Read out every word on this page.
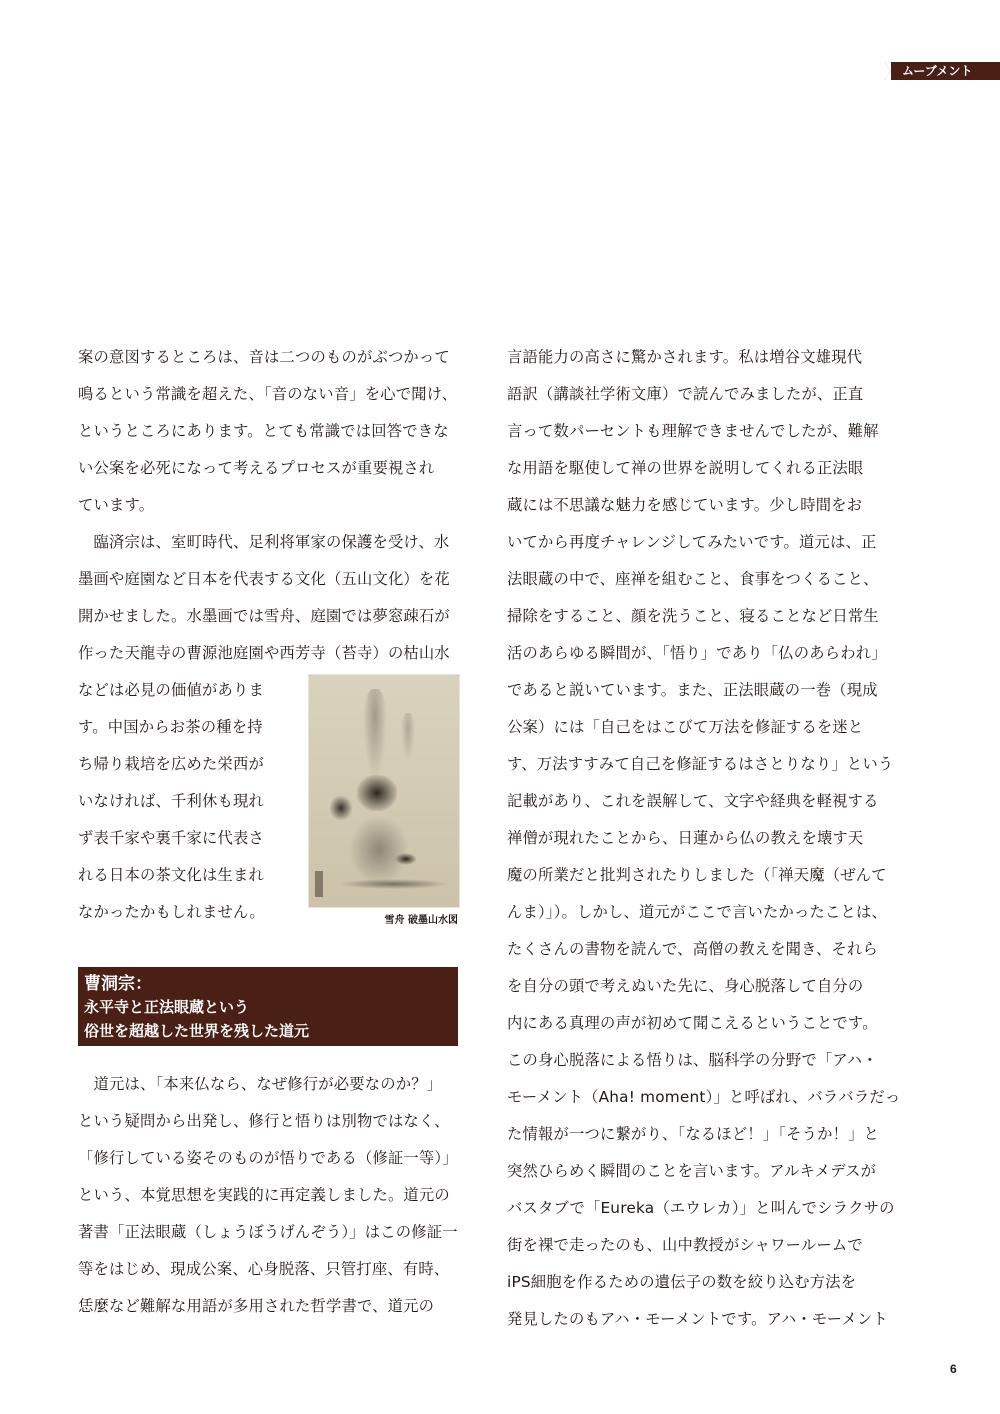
ムーブメント
案の意図するところは、音は二つのものがぶつかって
鳴るという常識を超えた、「音のない音」を心で聞け、
というところにあります。とても常識では回答できな
い公案を必死になって考えるプロセスが重要視され
ています。
　臨済宗は、室町時代、足利将軍家の保護を受け、水
墨画や庭園など日本を代表する文化（五山文化）を花
開かせました。水墨画では雪舟、庭園では夢窓疎石が
作った天龍寺の曹源池庭園や西芳寺（苔寺）の枯山水
などは必見の価値がありま
す。中国からお茶の種を持
ち帰り栽培を広めた栄西が
いなければ、千利休も現れ
ず表千家や裏千家に代表さ
れる日本の茶文化は生まれ
なかったかもしれません。	雪舟 破墨山水図
曹洞宗：
永平寺と正法眼蔵という
俗世を超越した世界を残した道元
　道元は、「本来仏なら、なぜ修行が必要なのか？」
という疑問から出発し、修行と悟りは別物ではなく、
「修行している姿そのものが悟りである（修証一等）」
という、本覚思想を実践的に再定義しました。道元の
著書「正法眼蔵（しょうぼうげんぞう）」はこの修証一
等をはじめ、現成公案、心身脱落、只管打座、有時、
恁麼など難解な用語が多用された哲学書で、道元の
言語能力の高さに驚かされます。私は増谷文雄現代
語訳（講談社学術文庫）で読んでみましたが、正直
言って数パーセントも理解できませんでしたが、難解
な用語を駆使して禅の世界を説明してくれる正法眼
蔵には不思議な魅力を感じています。少し時間をお
いてから再度チャレンジしてみたいです。道元は、正
法眼蔵の中で、座禅を組むこと、食事をつくること、
掃除をすること、顔を洗うこと、寝ることなど日常生
活のあらゆる瞬間が、「悟り」であり「仏のあらわれ」
であると説いています。また、正法眼蔵の一巻（現成
公案）には「自己をはこびて万法を修証するを迷と
す、万法すすみて自己を修証するはさとりなり」という
記載があり、これを誤解して、文字や経典を軽視する
禅僧が現れたことから、日蓮から仏の教えを壊す天
魔の所業だと批判されたりしました（「禅天魔（ぜんて
んま）」）。しかし、道元がここで言いたかったことは、
たくさんの書物を読んで、高僧の教えを聞き、それら
を自分の頭で考えぬいた先に、身心脱落して自分の
内にある真理の声が初めて聞こえるということです。
この身心脱落による悟りは、脳科学の分野で「アハ・
モーメント（Aha! moment）」と呼ばれ、バラバラだっ
た情報が一つに繋がり、「なるほど！」「そうか！」と
突然ひらめく瞬間のことを言います。アルキメデスが
バスタブで「Eureka（エウレカ）」と叫んでシラクサの
街を裸で走ったのも、山中教授がシャワールームで
iPS細胞を作るための遺伝子の数を絞り込む方法を
発見したのもアハ・モーメントです。アハ・モーメント
6
